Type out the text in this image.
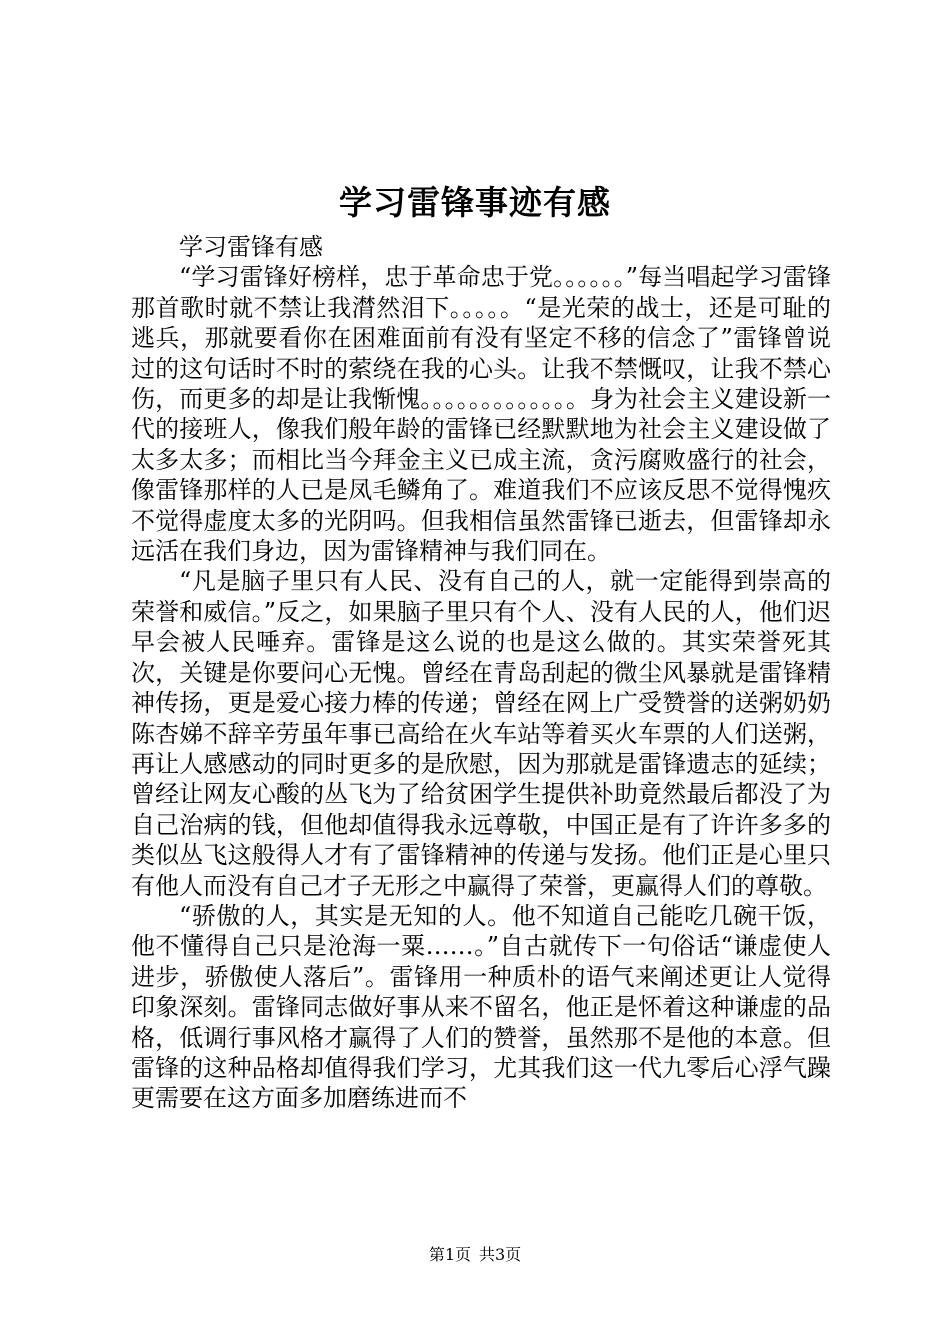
学习雷锋事迹有感

学习雷锋有感

“学习雷锋好榜样，忠于革命忠于党。。。。。。”每当唱起学习雷锋那首歌时就不禁让我潸然泪下。。。。。“是光荣的战士，还是可耻的逃兵，那就要看你在困难面前有没有坚定不移的信念了”雷锋曾说过的这句话时不时的萦绕在我的心头。让我不禁慨叹，让我不禁心伤，而更多的却是让我惭愧。。。。。。。。。。。。。身为社会主义建设新一代的接班人，像我们般年龄的雷锋已经默默地为社会主义建设做了太多太多；而相比当今拜金主义已成主流，贪污腐败盛行的社会，像雷锋那样的人已是凤毛鳞角了。难道我们不应该反思不觉得愧疚不觉得虚度太多的光阴吗。但我相信虽然雷锋已逝去，但雷锋却永远活在我们身边，因为雷锋精神与我们同在。

“凡是脑子里只有人民、没有自己的人，就一定能得到崇高的荣誉和威信。”反之，如果脑子里只有个人、没有人民的人，他们迟早会被人民唾弃。雷锋是这么说的也是这么做的。其实荣誉死其次，关键是你要问心无愧。曾经在青岛刮起的微尘风暴就是雷锋精神传扬，更是爱心接力棒的传递；曾经在网上广受赞誉的送粥奶奶陈杏娣不辞辛劳虽年事已高给在火车站等着买火车票的人们送粥，再让人感感动的同时更多的是欣慰，因为那就是雷锋遗志的延续；曾经让网友心酸的丛飞为了给贫困学生提供补助竟然最后都没了为自己治病的钱，但他却值得我永远尊敬，中国正是有了许许多多的类似丛飞这般得人才有了雷锋精神的传递与发扬。他们正是心里只有他人而没有自己才子无形之中赢得了荣誉，更赢得人们的尊敬。

“骄傲的人，其实是无知的人。他不知道自己能吃几碗干饭，他不懂得自己只是沧海一粟……。”自古就传下一句俗话“谦虚使人进步，骄傲使人落后”。雷锋用一种质朴的语气来阐述更让人觉得印象深刻。雷锋同志做好事从来不留名，他正是怀着这种谦虚的品格，低调行事风格才赢得了人们的赞誉，虽然那不是他的本意。但雷锋的这种品格却值得我们学习，尤其我们这一代九零后心浮气躁更需要在这方面多加磨练进而不

第1页 共3页
